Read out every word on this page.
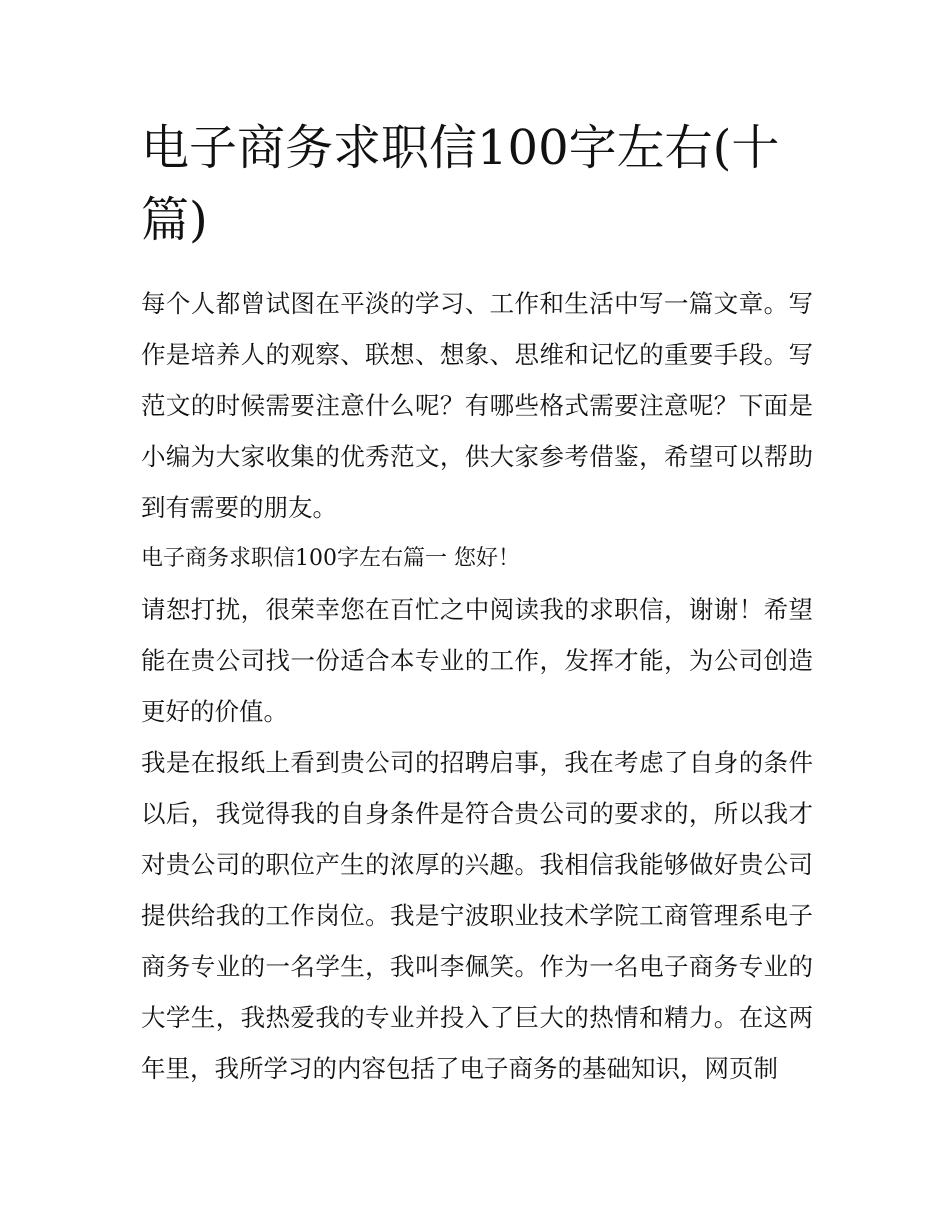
电子商务求职信100字左右(十篇)

每个人都曾试图在平淡的学习、工作和生活中写一篇文章。写作是培养人的观察、联想、想象、思维和记忆的重要手段。写范文的时候需要注意什么呢？有哪些格式需要注意呢？下面是小编为大家收集的优秀范文，供大家参考借鉴，希望可以帮助到有需要的朋友。

电子商务求职信100字左右篇一 您好！

请恕打扰，很荣幸您在百忙之中阅读我的求职信，谢谢！希望能在贵公司找一份适合本专业的工作，发挥才能，为公司创造更好的价值。

我是在报纸上看到贵公司的招聘启事，我在考虑了自身的条件以后，我觉得我的自身条件是符合贵公司的要求的，所以我才对贵公司的职位产生的浓厚的兴趣。我相信我能够做好贵公司提供给我的工作岗位。我是宁波职业技术学院工商管理系电子商务专业的一名学生，我叫李佩笑。作为一名电子商务专业的大学生，我热爱我的专业并投入了巨大的热情和精力。在这两年里，我所学习的内容包括了电子商务的基础知识，网页制
